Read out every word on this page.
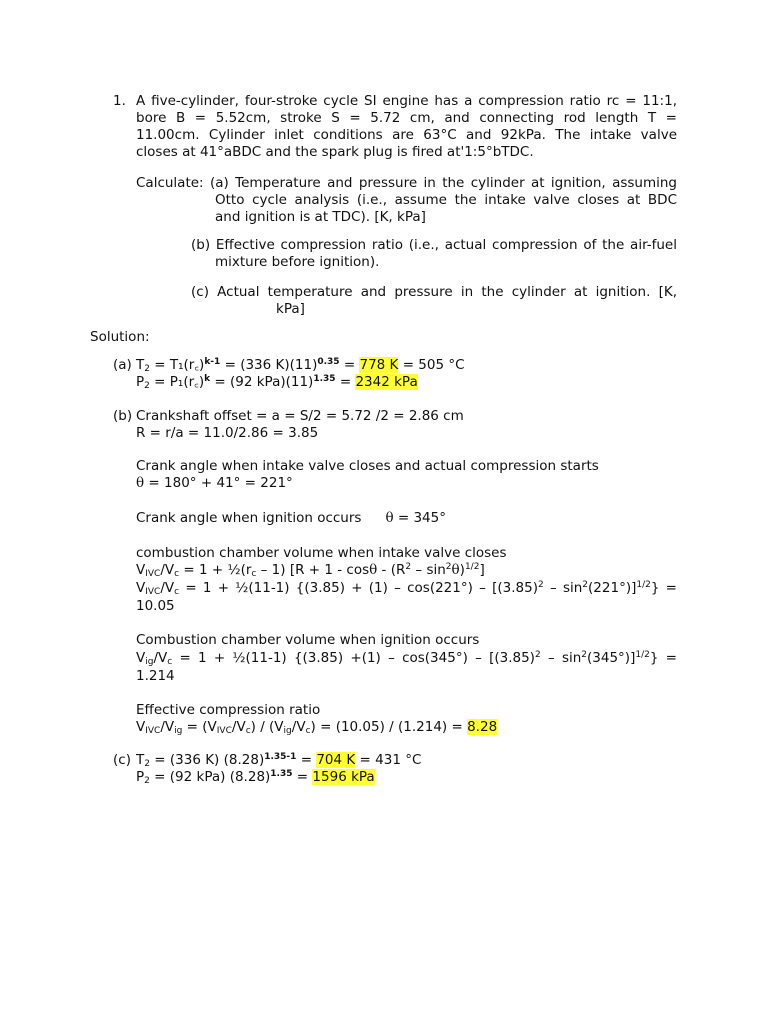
1. A five-cylinder, four-stroke cycle SI engine has a compression ratio rc = 11:1,
bore B = 5.52cm, stroke S = 5.72 cm, and connecting rod length T =
11.00cm. Cylinder inlet conditions are 63°C and 92kPa. The intake valve
closes at 41°aBDC and the spark plug is fired at'1:5°bTDC.
Calculate: (a) Temperature and pressure in the cylinder at ignition, assuming
Otto cycle analysis (i.e., assume the intake valve closes at BDC
and ignition is at TDC). [K, kPa]
(b) Effective compression ratio (i.e., actual compression of the air-fuel
mixture before ignition).
(c) Actual temperature and pressure in the cylinder at ignition. [K,
kPa]
Solution:
(a) $T_2$ = T₁(r꜀)$^{k-1}$ = (336 $K)(11)^{0.35} = 778$ K = 505 °C
$P_2$ = P₁(r꜀)$^k$ = (92 $kPa)(11)^{1.35} = 2342$ kPa
(b) Crankshaft offset = a = S/2 = 5.72 /2 = 2.86 cm
R = r/a = 11.0/2.86 = 3.85
Crank angle when intake valve closes and actual compression starts
θ = 180° + 41° = 221°
Crank angle when ignition occurs θ = 345°
combustion chamber volume when intake valve closes
$V_{IVC}/V_c = 1$ + $\frac{1}{2}(r_c - 1) [R + 1 - \cos\theta - (R^2 - \sin^2\theta)^{1/2}]$
$V_{IVC}/V_c = 1$ + ½(11-1) $\{(3.85) + (1) - \cos(221^\circ) - [(3.85)^2 - \sin^2(221^\circ)]^{1/2}\}$ =
10.05
Combustion chamber volume when ignition occurs
$V_{ig}/V_c = 1$ + ½(11-1) $\{(3.85) +(1) - \cos(345^\circ) - [(3.85)^2 - \sin^2(345^\circ)]^{1/2}\}$ =
1.214
Effective compression ratio
$V_{IVC}/V_{ig} = (V_{IVC}/V_c) / (V_{ig}/V_c) = (10.05) / (1.214) = 8.28$
(c) $T_2 = (336$ K) $(8.28)^{1.35-1} = 704$ K = 431 °C
$P_2 = (92$ kPa) $(8.28)^{1.35} = 1596$ kPa
